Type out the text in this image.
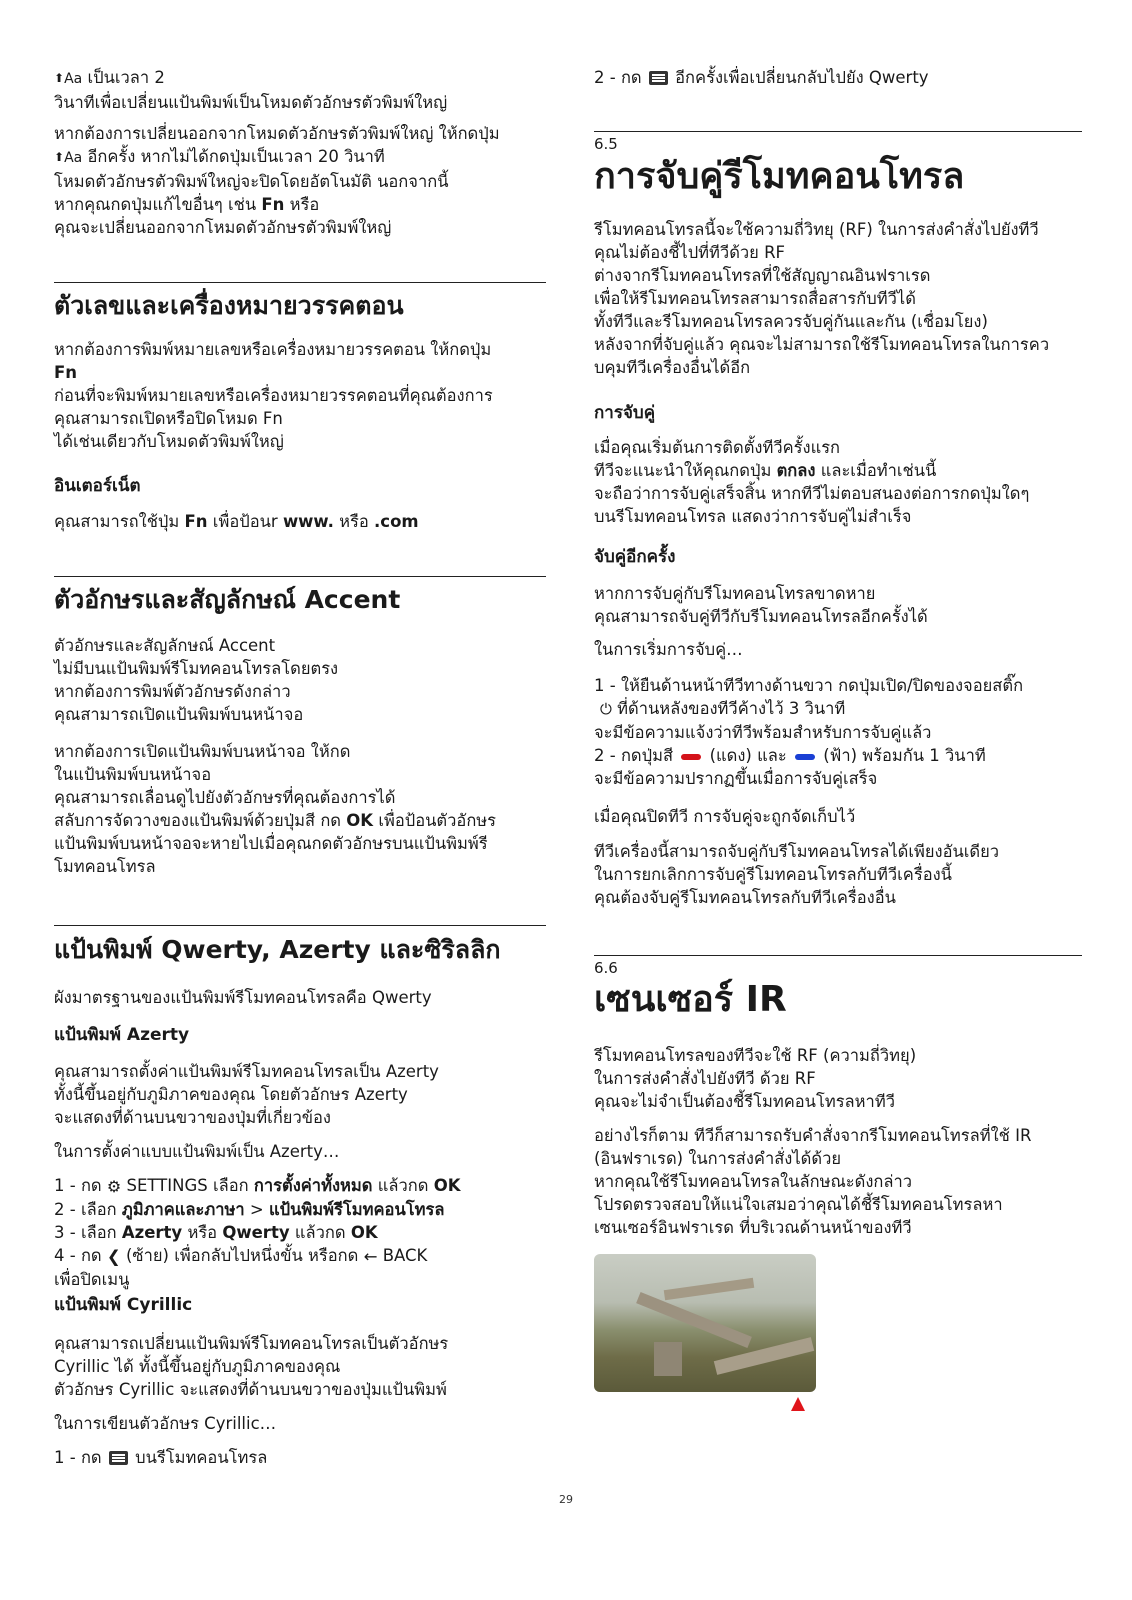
⬆Aa เป็นเวลา 2

วินาทีเพื่อเปลี่ยนแป้นพิมพ์เป็นโหมดตัวอักษรตัวพิมพ์ใหญ่

หากต้องการเปลี่ยนออกจากโหมดตัวอักษรตัวพิมพ์ใหญ่ ให้กดปุ่ม

⬆Aa อีกครั้ง หากไม่ได้กดปุ่มเป็นเวลา 20 วินาที

โหมดตัวอักษรตัวพิมพ์ใหญ่จะปิดโดยอัตโนมัติ นอกจากนี้

หากคุณกดปุ่มแก้ไขอื่นๆ เช่น Fn หรือ

คุณจะเปลี่ยนออกจากโหมดตัวอักษรตัวพิมพ์ใหญ่

ตัวเลขและเครื่องหมายวรรคตอน

หากต้องการพิมพ์หมายเลขหรือเครื่องหมายวรรคตอน ให้กดปุ่ม

Fn

ก่อนที่จะพิมพ์หมายเลขหรือเครื่องหมายวรรคตอนที่คุณต้องการ

คุณสามารถเปิดหรือปิดโหมด Fn

ได้เช่นเดียวกับโหมดตัวพิมพ์ใหญ่

อินเตอร์เน็ต

คุณสามารถใช้ปุ่ม Fn เพื่อป้อนr www. หรือ .com

ตัวอักษรและสัญลักษณ์ Accent

ตัวอักษรและสัญลักษณ์ Accent

ไม่มีบนแป้นพิมพ์รีโมทคอนโทรลโดยตรง

หากต้องการพิมพ์ตัวอักษรดังกล่าว

คุณสามารถเปิดแป้นพิมพ์บนหน้าจอ

หากต้องการเปิดแป้นพิมพ์บนหน้าจอ ให้กด

ในแป้นพิมพ์บนหน้าจอ

คุณสามารถเลื่อนดูไปยังตัวอักษรที่คุณต้องการได้

สลับการจัดวางของแป้นพิมพ์ด้วยปุ่มสี กด OK เพื่อป้อนตัวอักษร

แป้นพิมพ์บนหน้าจอจะหายไปเมื่อคุณกดตัวอักษรบนแป้นพิมพ์รี

โมทคอนโทรล

แป้นพิมพ์ Qwerty, Azerty และซิริลลิก

ผังมาตรฐานของแป้นพิมพ์รีโมทคอนโทรลคือ Qwerty

แป้นพิมพ์ Azerty

คุณสามารถตั้งค่าแป้นพิมพ์รีโมทคอนโทรลเป็น Azerty

ทั้งนี้ขึ้นอยู่กับภูมิภาคของคุณ โดยตัวอักษร Azerty

จะแสดงที่ด้านบนขวาของปุ่มที่เกี่ยวข้อง

ในการตั้งค่าแบบแป้นพิมพ์เป็น Azerty…

1 - กด ⚙ SETTINGS เลือก การตั้งค่าทั้งหมด แล้วกด OK

2 - เลือก ภูมิภาคและภาษา > แป้นพิมพ์รีโมทคอนโทรล

3 - เลือก Azerty หรือ Qwerty แล้วกด OK

4 - กด ❮ (ซ้าย) เพื่อกลับไปหนึ่งขั้น หรือกด ← BACK

เพื่อปิดเมนู

แป้นพิมพ์ Cyrillic

คุณสามารถเปลี่ยนแป้นพิมพ์รีโมทคอนโทรลเป็นตัวอักษร

Cyrillic ได้ ทั้งนี้ขึ้นอยู่กับภูมิภาคของคุณ

ตัวอักษร Cyrillic จะแสดงที่ด้านบนขวาของปุ่มแป้นพิมพ์

ในการเขียนตัวอักษร Cyrillic…

1 - กด  บนรีโมทคอนโทรล

2 - กด  อีกครั้งเพื่อเปลี่ยนกลับไปยัง Qwerty

6.5
การจับคู่รีโมทคอนโทรล

รีโมทคอนโทรลนี้จะใช้ความถี่วิทยุ (RF) ในการส่งคำสั่งไปยังทีวี

คุณไม่ต้องชี้ไปที่ทีวีด้วย RF

ต่างจากรีโมทคอนโทรลที่ใช้สัญญาณอินฟราเรด

เพื่อให้รีโมทคอนโทรลสามารถสื่อสารกับทีวีได้

ทั้งทีวีและรีโมทคอนโทรลควรจับคู่กันและกัน (เชื่อมโยง)

หลังจากที่จับคู่แล้ว คุณจะไม่สามารถใช้รีโมทคอนโทรลในการคว

บคุมทีวีเครื่องอื่นได้อีก

การจับคู่

เมื่อคุณเริ่มต้นการติดตั้งทีวีครั้งแรก

ทีวีจะแนะนำให้คุณกดปุ่ม ตกลง และเมื่อทำเช่นนี้

จะถือว่าการจับคู่เสร็จสิ้น หากทีวีไม่ตอบสนองต่อการกดปุ่มใดๆ

บนรีโมทคอนโทรล แสดงว่าการจับคู่ไม่สำเร็จ

จับคู่อีกครั้ง

หากการจับคู่กับรีโมทคอนโทรลขาดหาย

คุณสามารถจับคู่ทีวีกับรีโมทคอนโทรลอีกครั้งได้

ในการเริ่มการจับคู่…

1 - ให้ยืนด้านหน้าทีวีทางด้านขวา กดปุ่มเปิด/ปิดของจอยสติ๊ก

⏻ ที่ด้านหลังของทีวีค้างไว้ 3 วินาที

จะมีข้อความแจ้งว่าทีวีพร้อมสำหรับการจับคู่แล้ว

2 - กดปุ่มสี  (แดง) และ  (ฟ้า) พร้อมกัน 1 วินาที

จะมีข้อความปรากฏขึ้นเมื่อการจับคู่เสร็จ

เมื่อคุณปิดทีวี การจับคู่จะถูกจัดเก็บไว้

ทีวีเครื่องนี้สามารถจับคู่กับรีโมทคอนโทรลได้เพียงอันเดียว

ในการยกเลิกการจับคู่รีโมทคอนโทรลกับทีวีเครื่องนี้

คุณต้องจับคู่รีโมทคอนโทรลกับทีวีเครื่องอื่น

6.6
เซนเซอร์ IR

รีโมทคอนโทรลของทีวีจะใช้ RF (ความถี่วิทยุ)

ในการส่งคำสั่งไปยังทีวี ด้วย RF

คุณจะไม่จำเป็นต้องชี้รีโมทคอนโทรลหาทีวี

อย่างไรก็ตาม ทีวีก็สามารถรับคำสั่งจากรีโมทคอนโทรลที่ใช้ IR

(อินฟราเรด) ในการส่งคำสั่งได้ด้วย

หากคุณใช้รีโมทคอนโทรลในลักษณะดังกล่าว

โปรดตรวจสอบให้แน่ใจเสมอว่าคุณได้ชี้รีโมทคอนโทรลหา

เซนเซอร์อินฟราเรด ที่บริเวณด้านหน้าของทีวี

29
